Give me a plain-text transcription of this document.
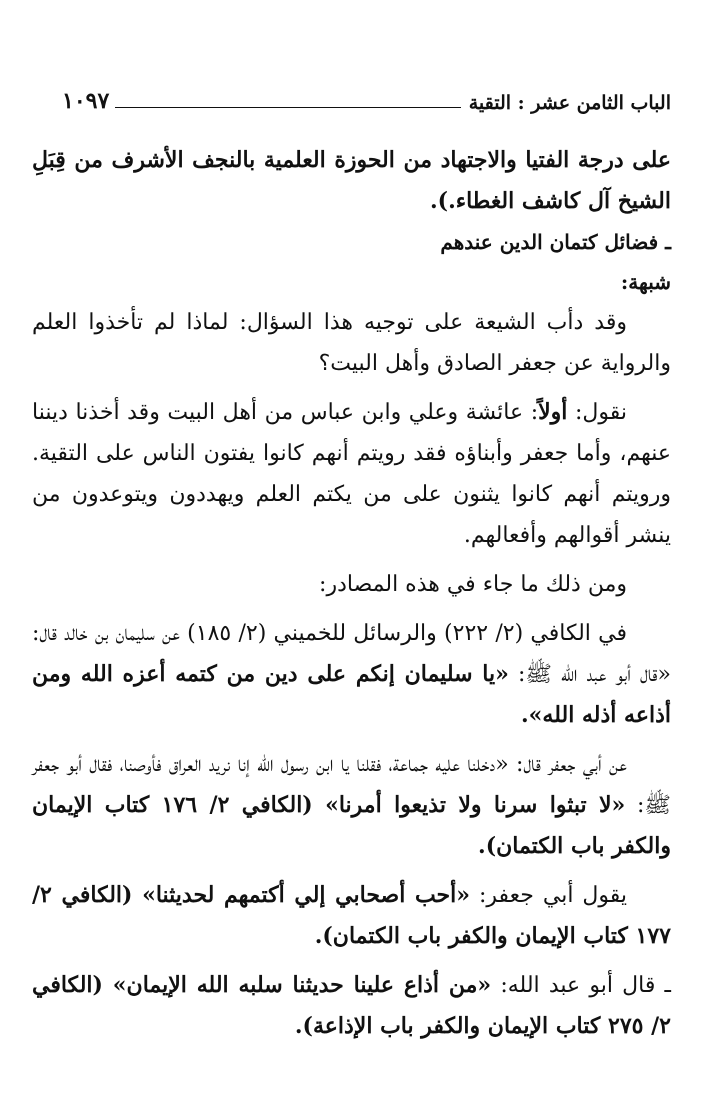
الباب الثامن عشر : التقية
١٠٩٧

على درجة الفتيا والاجتهاد من الحوزة العلمية بالنجف الأشرف من قِبَلِ الشيخ آل كاشف الغطاء.).

ـ فضائل كتمان الدين عندهم

شبهة:

وقد دأب الشيعة على توجيه هذا السؤال: لماذا لم تأخذوا العلم والرواية عن جعفر الصادق وأهل البيت؟

نقول: أولاً: عائشة وعلي وابن عباس من أهل البيت وقد أخذنا ديننا عنهم، وأما جعفر وأبناؤه فقد رويتم أنهم كانوا يفتون الناس على التقية. ورويتم أنهم كانوا يثنون على من يكتم العلم ويهددون ويتوعدون من ينشر أقوالهم وأفعالهم.

ومن ذلك ما جاء في هذه المصادر:

في الكافي (٢/ ٢٢٢) والرسائل للخميني (٢/ ١٨٥) عن سليمان بن خالد قال: «قال أبو عبد الله ﷺ: «يا سليمان إنكم على دين من كتمه أعزه الله ومن أذاعه أذله الله».

عن أبي جعفر قال: «دخلنا عليه جماعة، فقلنا يا ابن رسول الله إنا نريد العراق فأوصنا، فقال أبو جعفر ﷺ: «لا تبثوا سرنا ولا تذيعوا أمرنا» (الكافي ٢/ ١٧٦ كتاب الإيمان والكفر باب الكتمان).

يقول أبي جعفر: «أحب أصحابي إلي أكتمهم لحديثنا» (الكافي ٢/ ١٧٧ كتاب الإيمان والكفر باب الكتمان).

ـ قال أبو عبد الله: «من أذاع علينا حديثنا سلبه الله الإيمان» (الكافي ٢/ ٢٧٥ كتاب الإيمان والكفر باب الإذاعة).
